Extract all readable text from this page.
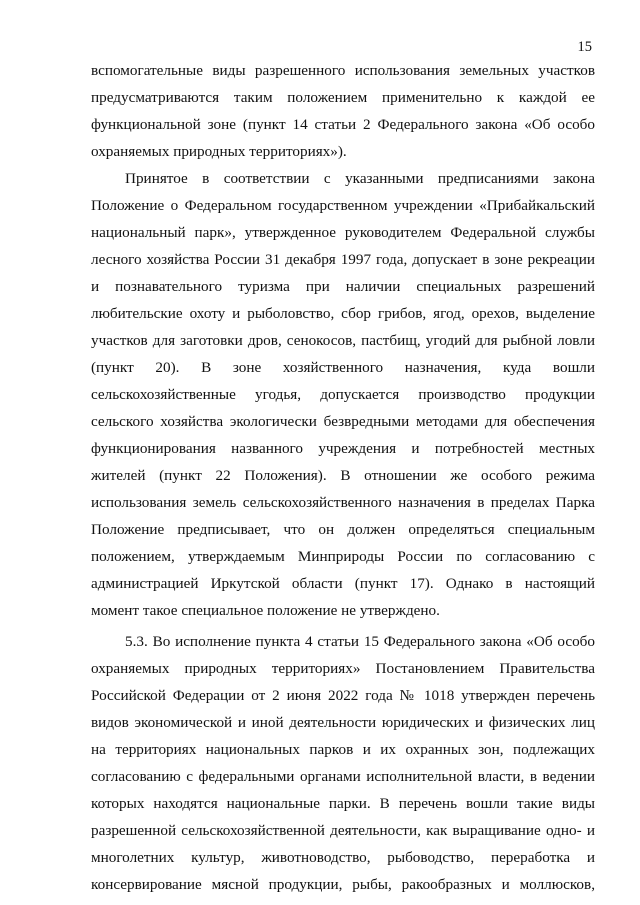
15
вспомогательные виды разрешенного использования земельных участков
предусматриваются таким положением применительно к каждой ее
функциональной зоне (пункт 14 статьи 2 Федерального закона «Об особо
охраняемых природных территориях»).
Принятое в соответствии с указанными предписаниями закона
Положение о Федеральном государственном учреждении «Прибайкальский
национальный парк», утвержденное руководителем Федеральной службы
лесного хозяйства России 31 декабря 1997 года, допускает в зоне рекреации
и познавательного туризма при наличии специальных разрешений
любительские охоту и рыболовство, сбор грибов, ягод, орехов, выделение
участков для заготовки дров, сенокосов, пастбищ, угодий для рыбной ловли
(пункт 20). В зоне хозяйственного назначения, куда вошли
сельскохозяйственные угодья, допускается производство продукции
сельского хозяйства экологически безвредными методами для обеспечения
функционирования названного учреждения и потребностей местных
жителей (пункт 22 Положения). В отношении же особого режима
использования земель сельскохозяйственного назначения в пределах Парка
Положение предписывает, что он должен определяться специальным
положением, утверждаемым Минприроды России по согласованию с
администрацией Иркутской области (пункт 17). Однако в настоящий
момент такое специальное положение не утверждено.
5.3. Во исполнение пункта 4 статьи 15 Федерального закона «Об особо
охраняемых природных территориях» Постановлением Правительства
Российской Федерации от 2 июня 2022 года № 1018 утвержден перечень
видов экономической и иной деятельности юридических и физических лиц
на территориях национальных парков и их охранных зон, подлежащих
согласованию с федеральными органами исполнительной власти, в ведении
которых находятся национальные парки. В перечень вошли такие виды
разрешенной сельскохозяйственной деятельности, как выращивание одно- и
многолетних культур, животноводство, рыбоводство, переработка и
консервирование мясной продукции, рыбы, ракообразных и моллюсков,
